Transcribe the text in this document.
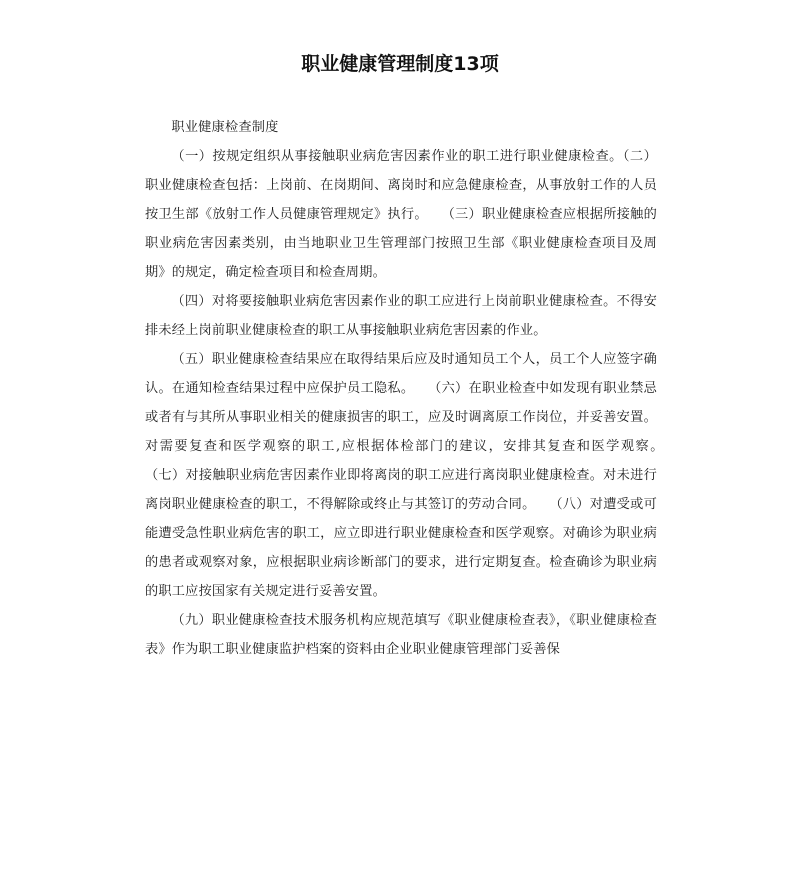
职业健康管理制度13项

职业健康检查制度

（一）按规定组织从事接触职业病危害因素作业的职工进行职业健康检查。（二）职业健康检查包括：上岗前、在岗期间、离岗时和应急健康检查，从事放射工作的人员按卫生部《放射工作人员健康管理规定》执行。　　（三）职业健康检查应根据所接触的职业病危害因素类别，由当地职业卫生管理部门按照卫生部《职业健康检查项目及周期》的规定，确定检查项目和检查周期。

（四）对将要接触职业病危害因素作业的职工应进行上岗前职业健康检查。不得安排未经上岗前职业健康检查的职工从事接触职业病危害因素的作业。

（五）职业健康检查结果应在取得结果后应及时通知员工个人，员工个人应签字确认。在通知检查结果过程中应保护员工隐私。　　（六）在职业检查中如发现有职业禁忌或者有与其所从事职业相关的健康损害的职工，应及时调离原工作岗位，并妥善安置。对需要复查和医学观察的职工,应根据体检部门的建议，安排其复查和医学观察。　　（七）对接触职业病危害因素作业即将离岗的职工应进行离岗职业健康检查。对未进行离岗职业健康检查的职工，不得解除或终止与其签订的劳动合同。　　（八）对遭受或可能遭受急性职业病危害的职工，应立即进行职业健康检查和医学观察。对确诊为职业病的患者或观察对象，应根据职业病诊断部门的要求，进行定期复查。检查确诊为职业病的职工应按国家有关规定进行妥善安置。

（九）职业健康检查技术服务机构应规范填写《职业健康检查表》，《职业健康检查表》作为职工职业健康监护档案的资料由企业职业健康管理部门妥善保
